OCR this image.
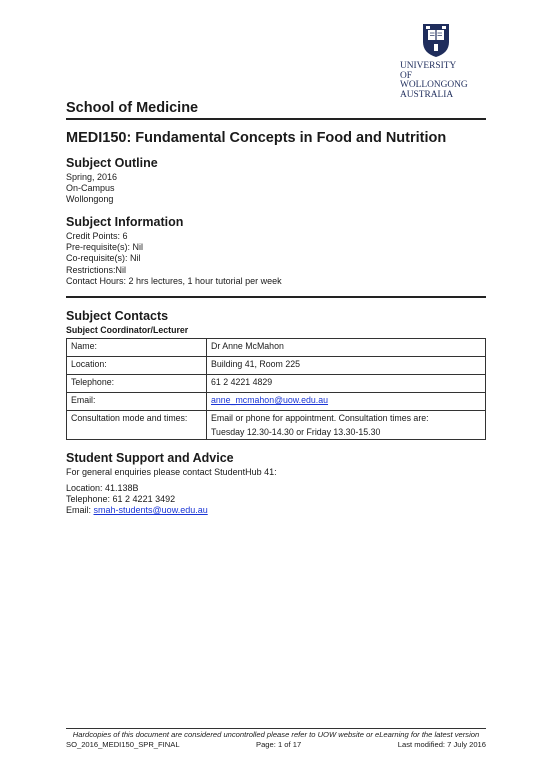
UNIVERSITY
OF WOLLONGONG
AUSTRALIA
School of Medicine
MEDI150: Fundamental Concepts in Food and Nutrition
Subject Outline
Spring, 2016
On-Campus
Wollongong
Subject Information
Credit Points: 6
Pre-requisite(s): Nil
Co-requisite(s): Nil
Restrictions:Nil
Contact Hours: 2 hrs lectures, 1 hour tutorial per week
Subject Contacts
Subject Coordinator/Lecturer
Name:	Dr Anne McMahon
Location:	Building 41, Room 225
Telephone:	61 2 4221 4829
Email:	anne_mcmahon@uow.edu.au
Consultation mode and times:	Email or phone for appointment. Consultation times are:
Tuesday 12.30-14.30 or Friday 13.30-15.30
Student Support and Advice
For general enquiries please contact StudentHub 41:
Location: 41.138B
Telephone: 61 2 4221 3492
Email: smah-students@uow.edu.au
Hardcopies of this document are considered uncontrolled please refer to UOW website or eLearning for the latest version
SO_2016_MEDI150_SPR_FINAL	Page: 1 of 17	Last modified: 7 July 2016
